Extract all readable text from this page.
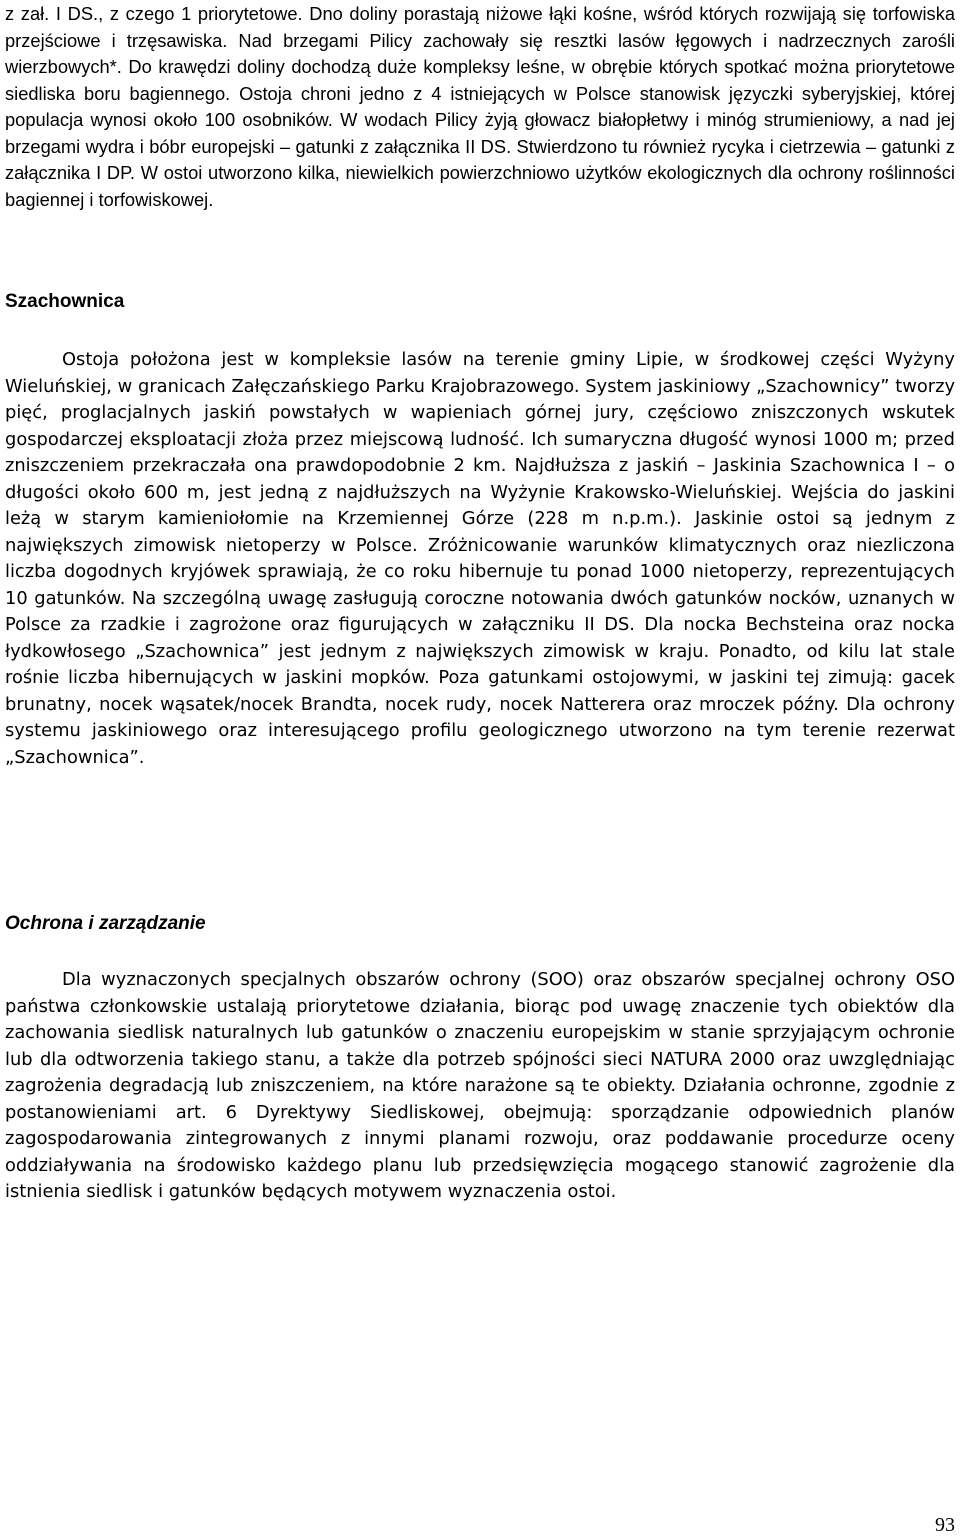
z zał. I DS., z czego 1 priorytetowe. Dno doliny porastają niżowe łąki kośne, wśród których rozwijają się torfowiska przejściowe i trzęsawiska. Nad brzegami Pilicy zachowały się resztki lasów łęgowych i nadrzecznych zarośli wierzbowych*. Do krawędzi doliny dochodzą duże kompleksy leśne, w obrębie których spotkać można priorytetowe siedliska boru bagiennego. Ostoja chroni jedno z 4 istniejących w Polsce stanowisk języczki syberyjskiej, której populacja wynosi około 100 osobników. W wodach Pilicy żyją głowacz białopłetwy i minóg strumieniowy, a nad jej brzegami wydra i bóbr europejski – gatunki z załącznika II DS. Stwierdzono tu również rycyka i cietrzewia – gatunki z załącznika I DP. W ostoi utworzono kilka, niewielkich powierzchniowo użytków ekologicznych dla ochrony roślinności bagiennej i torfowiskowej.

Szachownica

Ostoja położona jest w kompleksie lasów na terenie gminy Lipie, w środkowej części Wyżyny Wieluńskiej, w granicach Załęczańskiego Parku Krajobrazowego. System jaskiniowy „Szachownicy” tworzy pięć, proglacjalnych jaskiń powstałych w wapieniach górnej jury, częściowo zniszczonych wskutek gospodarczej eksploatacji złoża przez miejscową ludność. Ich sumaryczna długość wynosi 1000 m; przed zniszczeniem przekraczała ona prawdopodobnie 2 km. Najdłuższa z jaskiń – Jaskinia Szachownica I – o długości około 600 m, jest jedną z najdłuższych na Wyżynie Krakowsko-Wieluńskiej. Wejścia do jaskini leżą w starym kamieniołomie na Krzemiennej Górze (228 m n.p.m.). Jaskinie ostoi są jednym z największych zimowisk nietoperzy w Polsce. Zróżnicowanie warunków klimatycznych oraz niezliczona liczba dogodnych kryjówek sprawiają, że co roku hibernuje tu ponad 1000 nietoperzy, reprezentujących 10 gatunków. Na szczególną uwagę zasługują coroczne notowania dwóch gatunków nocków, uznanych w Polsce za rzadkie i zagrożone oraz figurujących w załączniku II DS. Dla nocka Bechsteina oraz nocka łydkowłosego „Szachownica” jest jednym z największych zimowisk w kraju. Ponadto, od kilu lat stale rośnie liczba hibernujących w jaskini mopków. Poza gatunkami ostojowymi, w jaskini tej zimują: gacek brunatny, nocek wąsatek/nocek Brandta, nocek rudy, nocek Natterera oraz mroczek późny. Dla ochrony systemu jaskiniowego oraz interesującego profilu geologicznego utworzono na tym terenie rezerwat „Szachownica”.

Ochrona i zarządzanie

Dla wyznaczonych specjalnych obszarów ochrony (SOO) oraz obszarów specjalnej ochrony OSO państwa członkowskie ustalają priorytetowe działania, biorąc pod uwagę znaczenie tych obiektów dla zachowania siedlisk naturalnych lub gatunków o znaczeniu europejskim w stanie sprzyjającym ochronie lub dla odtworzenia takiego stanu, a także dla potrzeb spójności sieci NATURA 2000 oraz uwzględniając zagrożenia degradacją lub zniszczeniem, na które narażone są te obiekty. Działania ochronne, zgodnie z postanowieniami art. 6 Dyrektywy Siedliskowej, obejmują: sporządzanie odpowiednich planów zagospodarowania zintegrowanych z innymi planami rozwoju, oraz poddawanie procedurze oceny oddziaływania na środowisko każdego planu lub przedsięwzięcia mogącego stanowić zagrożenie dla istnienia siedlisk i gatunków będących motywem wyznaczenia ostoi.

93
